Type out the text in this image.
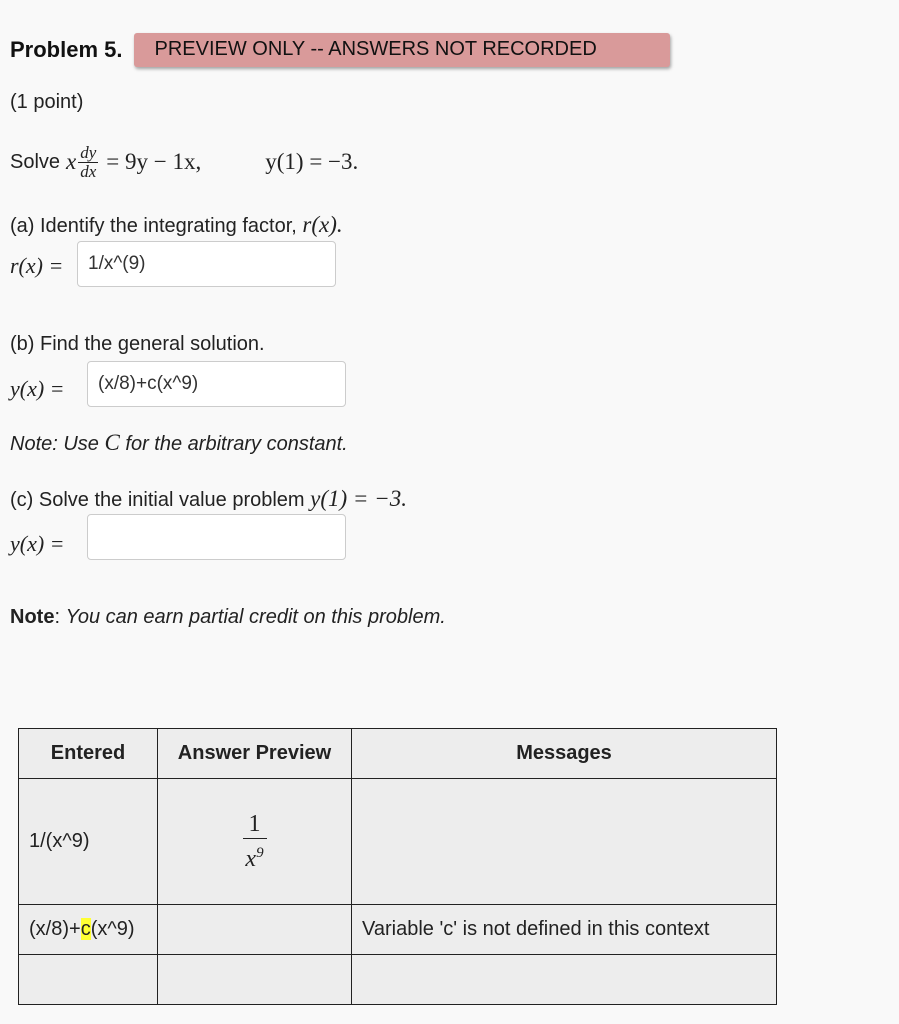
Problem 5.	PREVIEW ONLY -- ANSWERS NOT RECORDED
(1 point)
Solve x $\frac{dy}{dx} = 9y - 1x$,	y(1) = −3.
(a) Identify the integrating factor, r(x).
r(x) =
1/x^(9)
(b) Find the general solution.
y(x) =
(x/8)+c(x^9)
Note: Use C for the arbitrary constant.
(c) Solve the initial value problem y(1) = −3.
y(x) =
Note: You can earn partial credit on this problem.
Entered	Answer Preview	Messages
1/(x^9)	$\frac{1}{x^9}$

(x/8)+c(x^9)		Variable 'c' is not defined in this context
